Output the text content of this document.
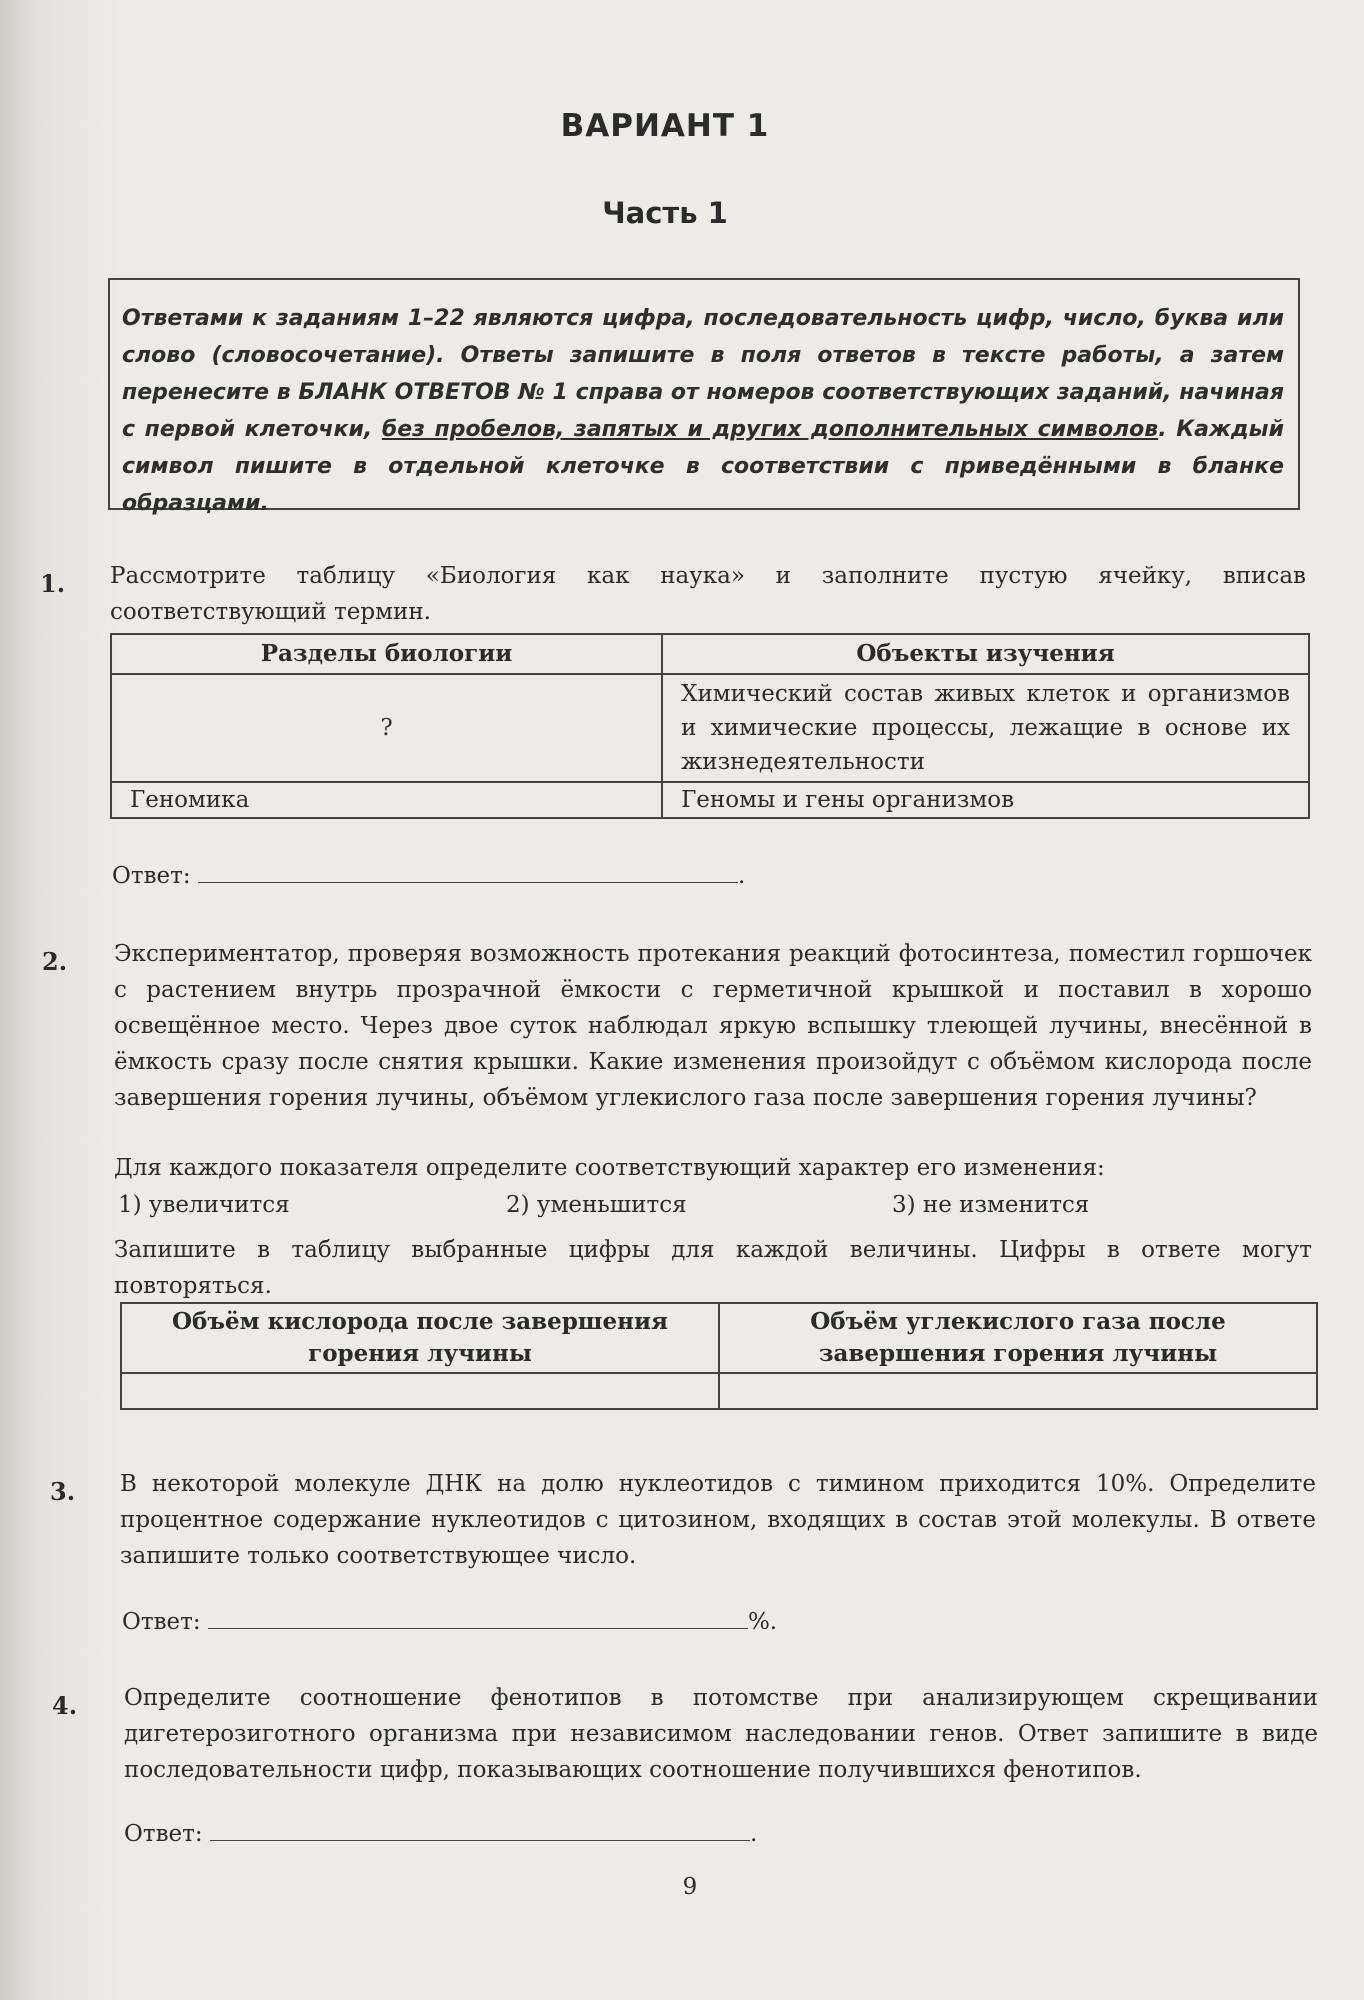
ВАРИАНТ 1
Часть 1
Ответами к заданиям 1–22 являются цифра, последовательность цифр, число, буква или слово (словосочетание). Ответы запишите в поля ответов в тексте работы, а затем перенесите в БЛАНК ОТВЕТОВ № 1 справа от номеров соответствующих заданий, начиная с первой клеточки, без пробелов, запятых и других дополнительных символов. Каждый символ пишите в отдельной клеточке в соответствии с приведёнными в бланке образцами.
1. Рассмотрите таблицу «Биология как наука» и заполните пустую ячейку, вписав соответствующий термин.
Разделы биологии	Объекты изучения
?	Химический состав живых клеток и организмов и химические процессы, лежащие в основе их жизнедеятельности
Геномика	Геномы и гены организмов
Ответ:	.
2. Экспериментатор, проверяя возможность протекания реакций фотосинтеза, поместил горшочек с растением внутрь прозрачной ёмкости с герметичной крышкой и поставил в хорошо освещённое место. Через двое суток наблюдал яркую вспышку тлеющей лучины, внесённой в ёмкость сразу после снятия крышки. Какие изменения произойдут с объёмом кислорода после завершения горения лучины, объёмом углекислого газа после завершения горения лучины?
Для каждого показателя определите соответствующий характер его изменения:
1) увеличится	2) уменьшится	3) не изменится
Запишите в таблицу выбранные цифры для каждой величины. Цифры в ответе могут повторяться.
Объём кислорода после завершения горения лучины	Объём углекислого газа после завершения горения лучины

3. В некоторой молекуле ДНК на долю нуклеотидов с тимином приходится 10%. Определите процентное содержание нуклеотидов с цитозином, входящих в состав этой молекулы. В ответе запишите только соответствующее число.
Ответ:	%.
4. Определите соотношение фенотипов в потомстве при анализирующем скрещивании дигетерозиготного организма при независимом наследовании генов. Ответ запишите в виде последовательности цифр, показывающих соотношение получившихся фенотипов.
Ответ:	.
9
